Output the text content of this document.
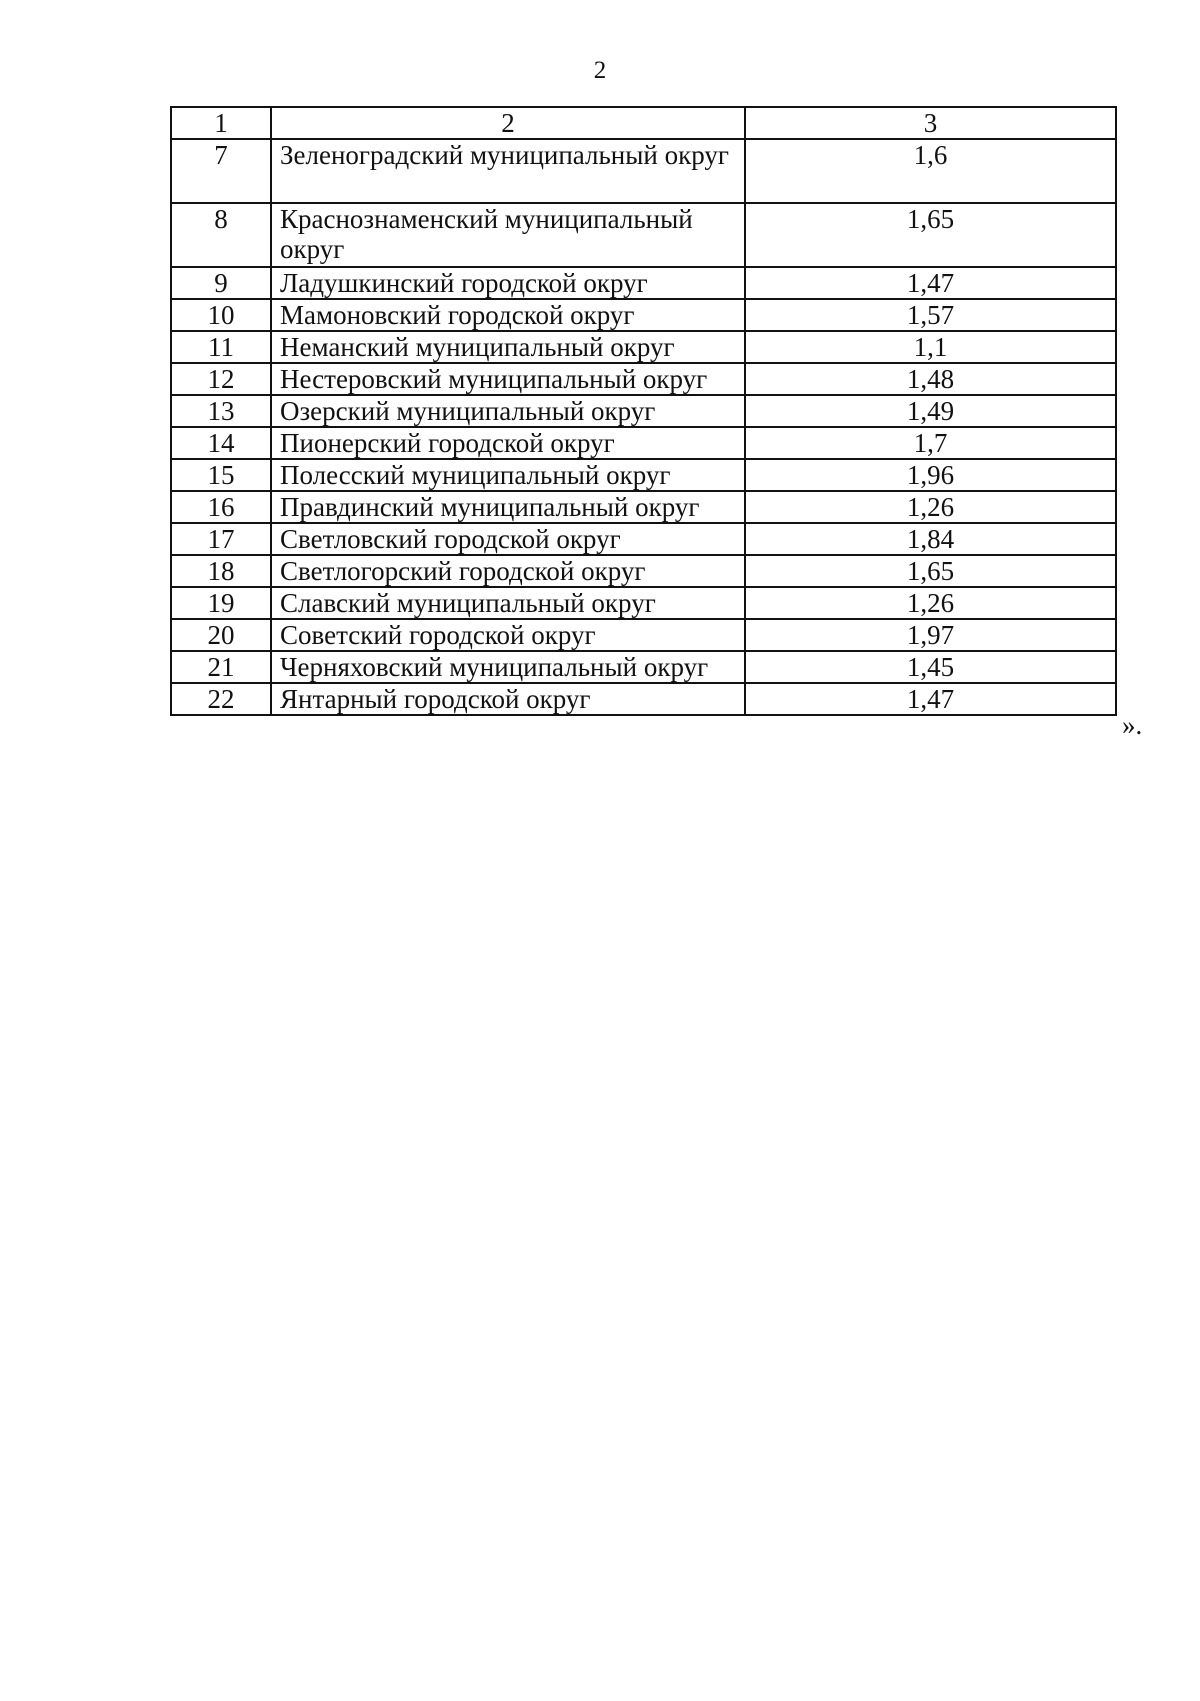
2
1	2	3
7	Зеленоградский муниципальный округ	1,6
8	Краснознаменский муниципальный округ	1,65
9	Ладушкинский городской округ	1,47
10	Мамоновский городской округ	1,57
11	Неманский муниципальный округ	1,1
12	Нестеровский муниципальный округ	1,48
13	Озерский муниципальный округ	1,49
14	Пионерский городской округ	1,7
15	Полесский муниципальный округ	1,96
16	Правдинский муниципальный округ	1,26
17	Светловский городской округ	1,84
18	Светлогорский городской округ	1,65
19	Славский муниципальный округ	1,26
20	Советский городской округ	1,97
21	Черняховский муниципальный округ	1,45
22	Янтарный городской округ	1,47
».
